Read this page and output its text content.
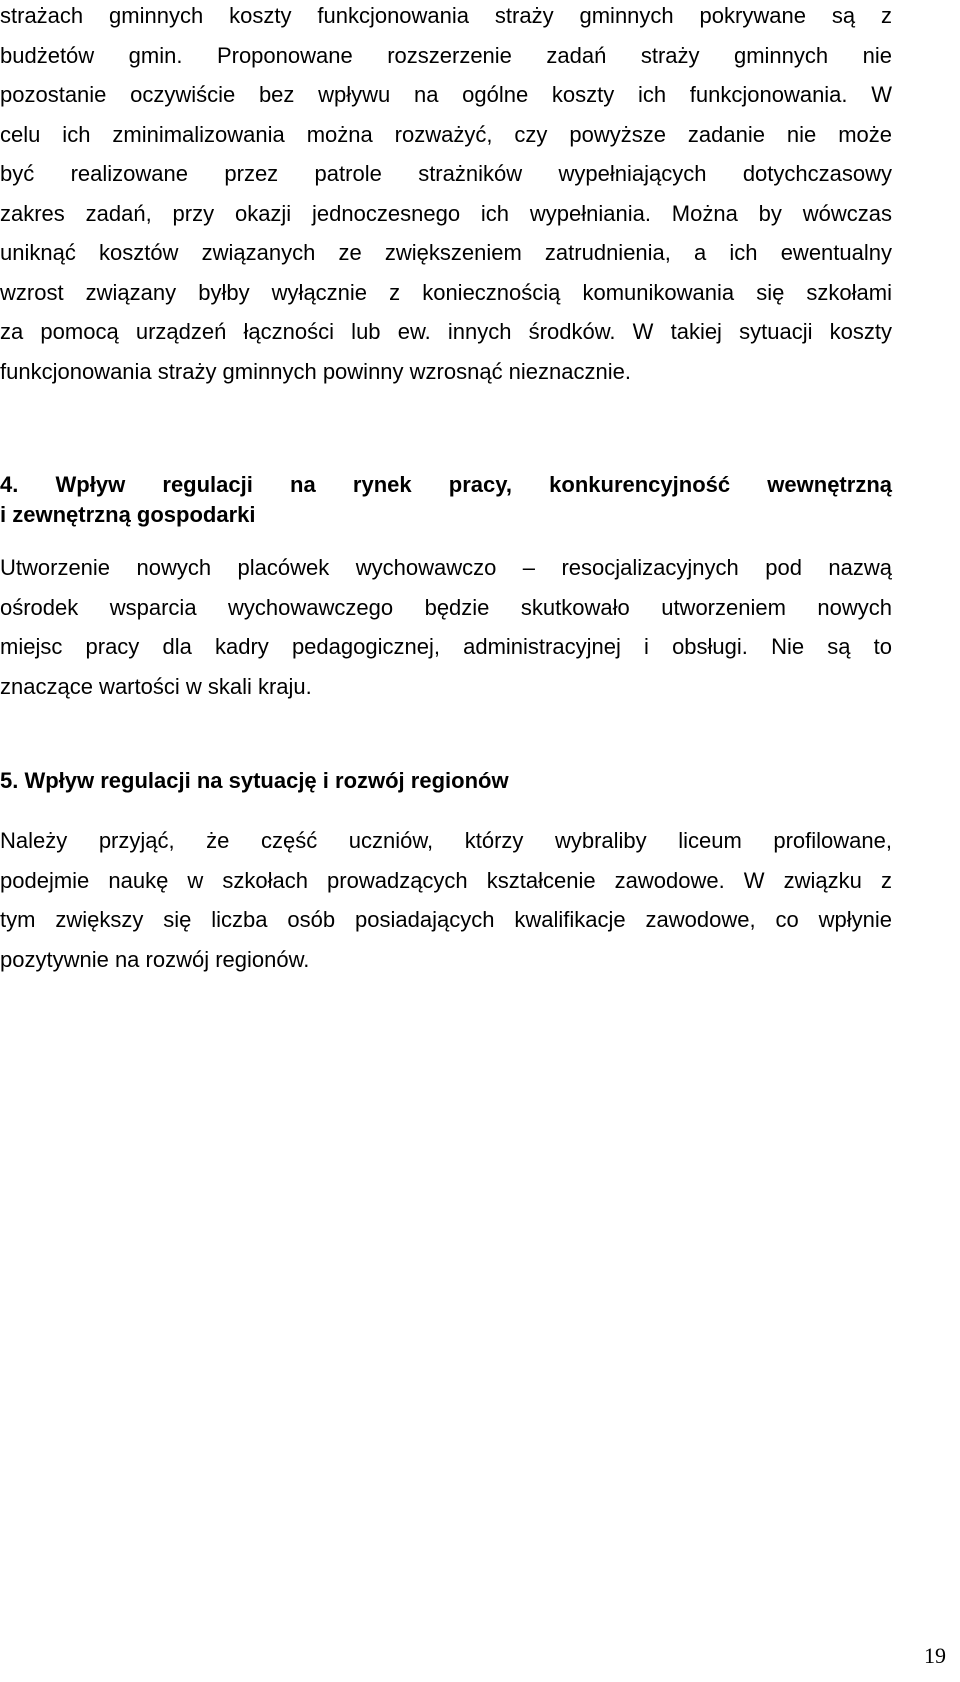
strażach gminnych koszty funkcjonowania straży gminnych pokrywane są z
budżetów gmin. Proponowane rozszerzenie zadań straży gminnych nie
pozostanie oczywiście bez wpływu na ogólne koszty ich funkcjonowania. W
celu ich zminimalizowania można rozważyć, czy powyższe zadanie nie może
być realizowane przez patrole strażników wypełniających dotychczasowy
zakres zadań, przy okazji jednoczesnego ich wypełniania. Można by wówczas
uniknąć kosztów związanych ze zwiększeniem zatrudnienia, a ich ewentualny
wzrost związany byłby wyłącznie z koniecznością komunikowania się szkołami
za pomocą urządzeń łączności lub ew. innych środków. W takiej sytuacji koszty
funkcjonowania straży gminnych powinny wzrosnąć nieznacznie.
4. Wpływ regulacji na rynek pracy, konkurencyjność wewnętrzną
i zewnętrzną gospodarki
Utworzenie nowych placówek wychowawczo – resocjalizacyjnych pod nazwą
ośrodek wsparcia wychowawczego będzie skutkowało utworzeniem nowych
miejsc pracy dla kadry pedagogicznej, administracyjnej i obsługi. Nie są to
znaczące wartości w skali kraju.
5. Wpływ regulacji na sytuację i rozwój regionów
Należy przyjąć, że część uczniów, którzy wybraliby liceum profilowane,
podejmie naukę w szkołach prowadzących kształcenie zawodowe. W związku z
tym zwiększy się liczba osób posiadających kwalifikacje zawodowe, co wpłynie
pozytywnie na rozwój regionów.
19
